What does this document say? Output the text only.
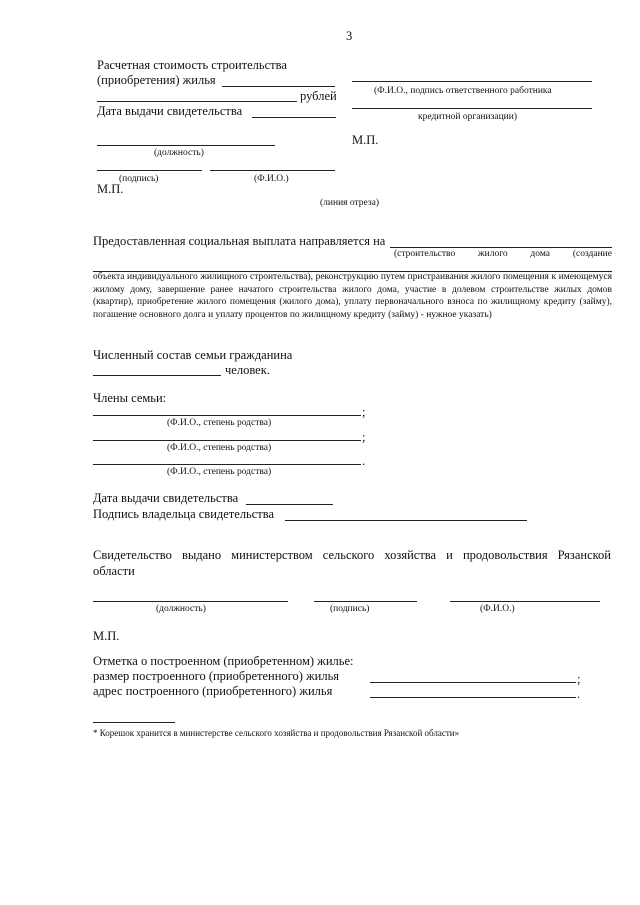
3
Расчетная стоимость строительства
(приобретения) жилья
рублей
Дата выдачи свидетельства
(должность)
(подпись)	(Ф.И.О.)
М.П.
(Ф.И.О., подпись ответственного работника
кредитной организации)
М.П.
(линия отреза)
Предоставленная социальная выплата направляется на
(строительство жилого дома (создание
объекта индивидуального жилищного строительства), реконструкцию путем пристраивания жилого помещения к имеющемуся жилому дому, завершение ранее начатого строительства жилого дома, участие в долевом строительстве жилых домов (квартир), приобретение жилого помещения (жилого дома), уплату первоначального взноса по жилищному кредиту (займу), погашение основного долга и уплату процентов по жилищному кредиту (займу) - нужное указать)
Численный состав семьи гражданина
человек.
Члены семьи:
;
(Ф.И.О., степень родства)
;
(Ф.И.О., степень родства)
.
(Ф.И.О., степень родства)
Дата выдачи свидетельства
Подпись владельца свидетельства
Свидетельство выдано министерством сельского хозяйства и продовольствия Рязанской
области
(должность)	(подпись)	(Ф.И.О.)
М.П.
Отметка о построенном (приобретенном) жилье:
размер построенного (приобретенного) жилья	;
адрес построенного (приобретенного) жилья	.
* Корешок хранится в министерстве сельского хозяйства и продовольствия Рязанской области»
